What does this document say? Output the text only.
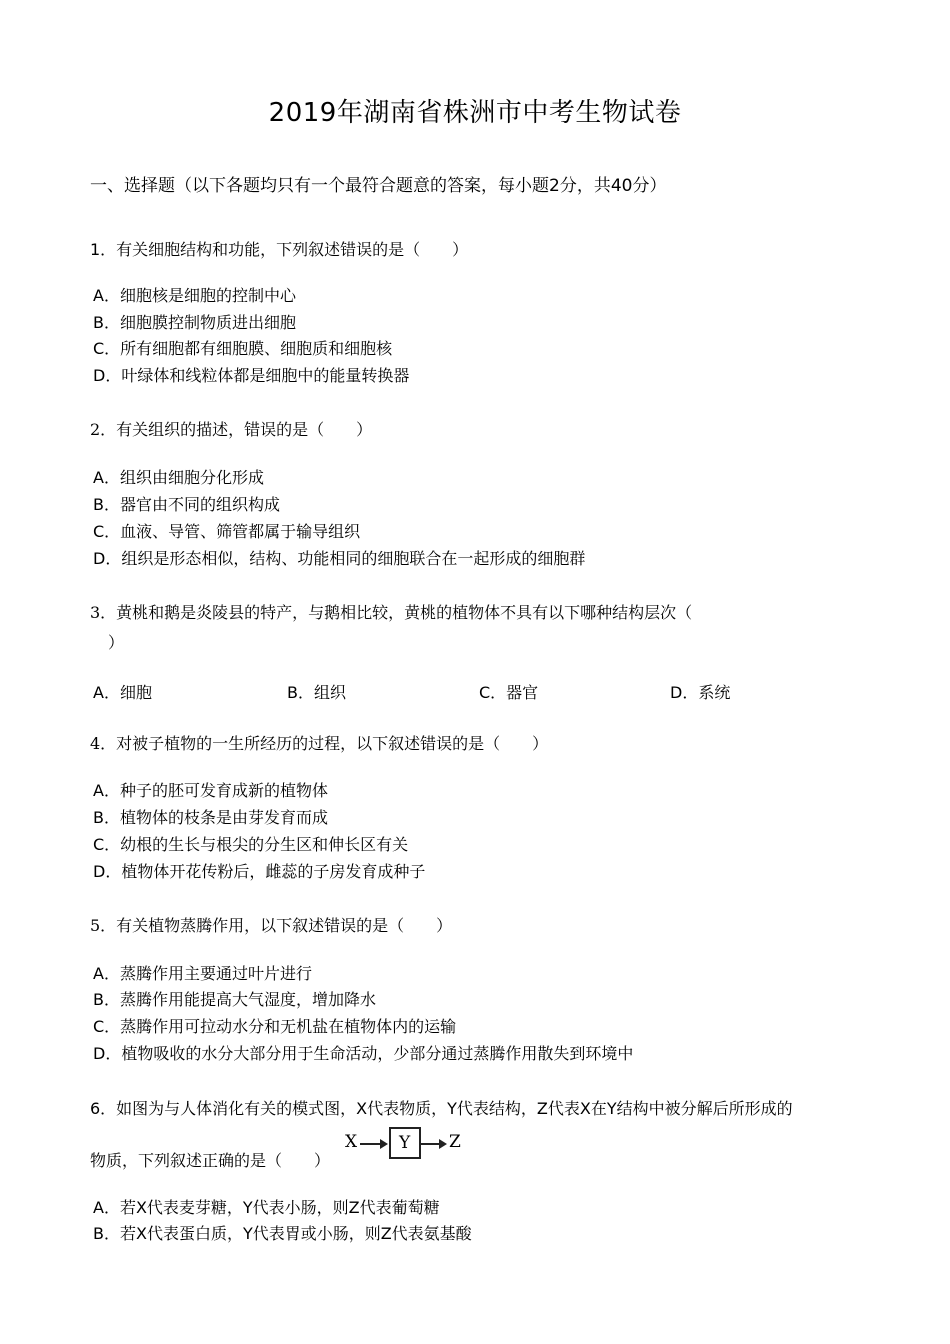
2019年湖南省株洲市中考生物试卷
一、选择题（以下各题均只有一个最符合题意的答案，每小题2分，共40分）
1．有关细胞结构和功能，下列叙述错误的是（　　）
A．细胞核是细胞的控制中心
B．细胞膜控制物质进出细胞
C．所有细胞都有细胞膜、细胞质和细胞核
D．叶绿体和线粒体都是细胞中的能量转换器
2．有关组织的描述，错误的是（　　）
A．组织由细胞分化形成
B．器官由不同的组织构成
C．血液、导管、筛管都属于输导组织
D．组织是形态相似，结构、功能相同的细胞联合在一起形成的细胞群
3．黄桃和鹅是炎陵县的特产，与鹅相比较，黄桃的植物体不具有以下哪种结构层次（
）
A．细胞	B．组织	C．器官	D．系统
4．对被子植物的一生所经历的过程，以下叙述错误的是（　　）
A．种子的胚可发育成新的植物体
B．植物体的枝条是由芽发育而成
C．幼根的生长与根尖的分生区和伸长区有关
D．植物体开花传粉后，雌蕊的子房发育成种子
5．有关植物蒸腾作用，以下叙述错误的是（　　）
A．蒸腾作用主要通过叶片进行
B．蒸腾作用能提高大气湿度，增加降水
C．蒸腾作用可拉动水分和无机盐在植物体内的运输
D．植物吸收的水分大部分用于生命活动，少部分通过蒸腾作用散失到环境中
6．如图为与人体消化有关的模式图，X代表物质，Y代表结构，Z代表X在Y结构中被分解后所形成的
物质，下列叙述正确的是（　　）
X Y Z
A．若X代表麦芽糖，Y代表小肠，则Z代表葡萄糖
B．若X代表蛋白质，Y代表胃或小肠，则Z代表氨基酸
